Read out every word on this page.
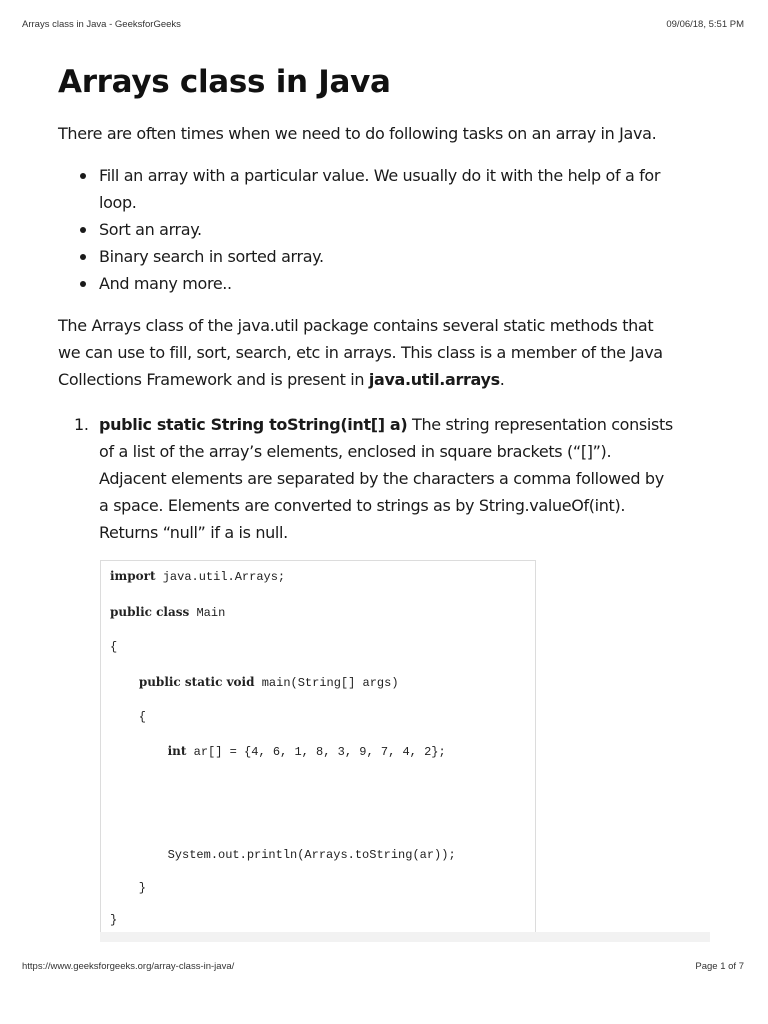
Arrays class in Java - GeeksforGeeks	09/06/18, 5:51 PM
Arrays class in Java

There are often times when we need to do following tasks on an array in Java.

Fill an array with a particular value. We usually do it with the help of a for
loop.
Sort an array.
Binary search in sorted array.
And many more..

The Arrays class of the java.util package contains several static methods that
we can use to fill, sort, search, etc in arrays. This class is a member of the Java
Collections Framework and is present in java.util.arrays.

1. public static String toString(int[] a) The string representation consists
of a list of the array’s elements, enclosed in square brackets (“[]”).
Adjacent elements are separated by the characters a comma followed by
a space. Elements are converted to strings as by String.valueOf(int).
Returns “null” if a is null.
import java.util.Arrays;
public class Main
{
public static void main(String[] args)
{
int ar[] = {4, 6, 1, 8, 3, 9, 7, 4, 2};
System.out.println(Arrays.toString(ar));
}
}
https://www.geeksforgeeks.org/array-class-in-java/	Page 1 of 7
